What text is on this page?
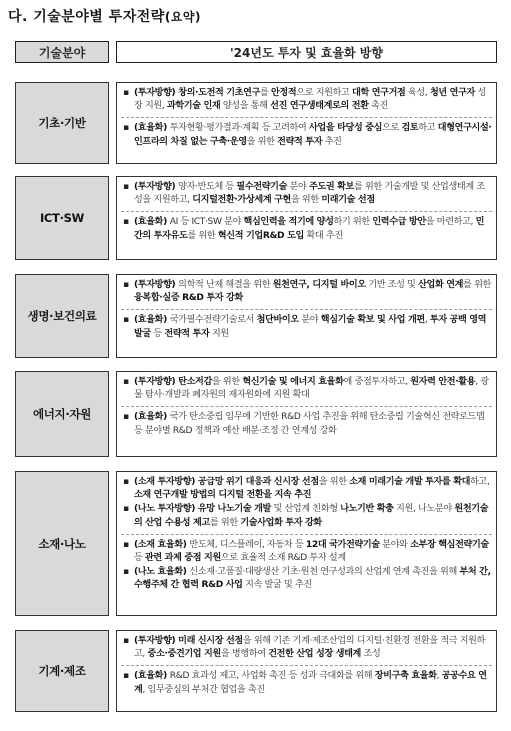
다. 기술분야별 투자전략(요약)
기술분야	'24년도 투자 및 효율화 방향
기초·기반
▪ (투자방향) 창의·도전적 기초연구를 안정적으로 지원하고 대학 연구거점 육성, 청년 연구자 성장 지원, 과학기술 인재 양성을 통해 선진 연구생태계로의 전환 촉진
▪ (효율화) 투자현황·평가결과·계획 등 고려하여 사업을 타당성 중심으로 검토하고 대형연구시설·인프라의 차질 없는 구축·운영을 위한 전략적 투자 추진
ICT·SW
▪ (투자방향) 양자·반도체 등 필수전략기술 분야 주도권 확보를 위한 기술개발 및 산업생태계 조성을 지원하고, 디지털전환·가상세계 구현을 위한 미래기술 선점
▪ (효율화) AI 등 ICT·SW 분야 핵심인력을 적기에 양성하기 위한 인력수급 방안을 마련하고, 민간의 투자유도를 위한 혁신적 기업R&D 도입 확대 추진
생명·보건의료
▪ (투자방향) 의학적 난제 해결을 위한 원천연구, 디지털 바이오 기반 조성 및 산업화 연계를 위한 융복합·실증 R&D 투자 강화
▪ (효율화) 국가필수전략기술로서 첨단바이오 분야 핵심기술 확보 및 사업 개편, 투자 공백 영역 발굴 등 전략적 투자 지원
에너지·자원
▪ (투자방향) 탄소저감을 위한 혁신기술 및 에너지 효율화에 중점투자하고, 원자력 안전·활용, 광물 탐사·개발과 폐자원의 재자원화에 지원 확대
▪ (효율화) 국가 탄소중립 임무에 기반한 R&D 사업 추진을 위해 탄소중립 기술혁신 전략로드맵 등 분야별 R&D 정책과 예산 배분·조정 간 연계성 강화
소재·나노
▪ (소재 투자방향) 공급망 위기 대응과 신시장 선점을 위한 소재 미래기술 개발 투자를 확대하고, 소재 연구개발 방법의 디지털 전환을 지속 추진
▪ (나노 투자방향) 유망 나노기술 개발 및 산업계 친화형 나노기반 확충 지원, 나노분야 원천기술의 산업 수용성 제고를 위한 기술사업화 투자 강화
▪ (소재 효율화) 반도체, 디스플레이, 자동차 등 12대 국가전략기술 분야와 소부장 핵심전략기술 등 관련 과제 중점 지원으로 효율적 소재 R&D 투자 설계
▪ (나노 효율화) 신소재·고품질·대량생산 기초·원천 연구성과의 산업계 연계 촉진을 위해 부처 간, 수행주체 간 협력 R&D 사업 지속 발굴 및 추진
기계·제조
▪ (투자방향) 미래 신시장 선점을 위해 기존 기계·제조산업의 디지털·친환경 전환을 적극 지원하고, 중소·중견기업 지원을 병행하여 건전한 산업 성장 생태계 조성
▪ (효율화) R&D 효과성 제고, 사업화 촉진 등 성과 극대화를 위해 장비구축 효율화, 공공수요 연계, 임무중심의 부처간 협업을 촉진
